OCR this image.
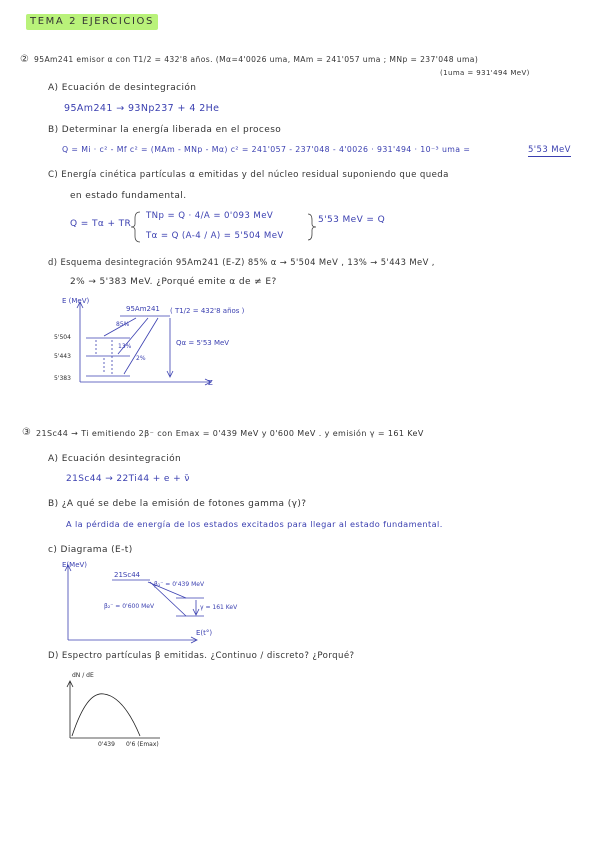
TEMA 2 EJERCICIOS
② 95Am241 emisor α con T1/2 = 432'8 años. (Mα=4'0026 uma, MAm = 241'057 uma ; MNp = 237'048 uma)
(1uma = 931'494 MeV)
A) Ecuación de desintegración
95Am241 → 93Np237 + 4 2He
B) Determinar la energía liberada en el proceso
Q = Mi · c² - Mf c² = (MAm - MNp - Mα) c² = 241'057 - 237'048 - 4'0026 · 931'494 · 10⁻³ uma =	5'53 MeV
C) Energía cinética partículas α emitidas y del núcleo residual suponiendo que queda
en estado fundamental.
Q = Tα + TR
TNp = Q · 4/A = 0'093 MeV
Tα = Q (A-4 / A) = 5'504 MeV
5'53 MeV = Q
d) Esquema desintegración 95Am241 (E-Z) 85% α → 5'504 MeV , 13% → 5'443 MeV ,
2% → 5'383 MeV. ¿Porqué emite α de ≠ E?
E (MeV)
Z
95Am241 ( T1/2 = 432'8 años )
Qα = 5'53 MeV
5'504
5'443
5'383
85%
13%
2%
③ 21Sc44 → Ti emitiendo 2β⁻ con Emax = 0'439 MeV y 0'600 MeV . y emisión γ = 161 KeV
A) Ecuación desintegración
21Sc44 → 22Ti44 + e + ν̄
B) ¿A qué se debe la emisión de fotones gamma (γ)?
A la pérdida de energía de los estados excitados para llegar al estado fundamental.
c) Diagrama (E-t)
E(MeV)
E(t°)
21Sc44
β₁⁻ = 0'439 MeV
β₂⁻ = 0'600 MeV	γ = 161 KeV
D) Espectro partículas β emitidas. ¿Continuo / discreto? ¿Porqué?
dN / dE
0'439 0'6 (Emax)
